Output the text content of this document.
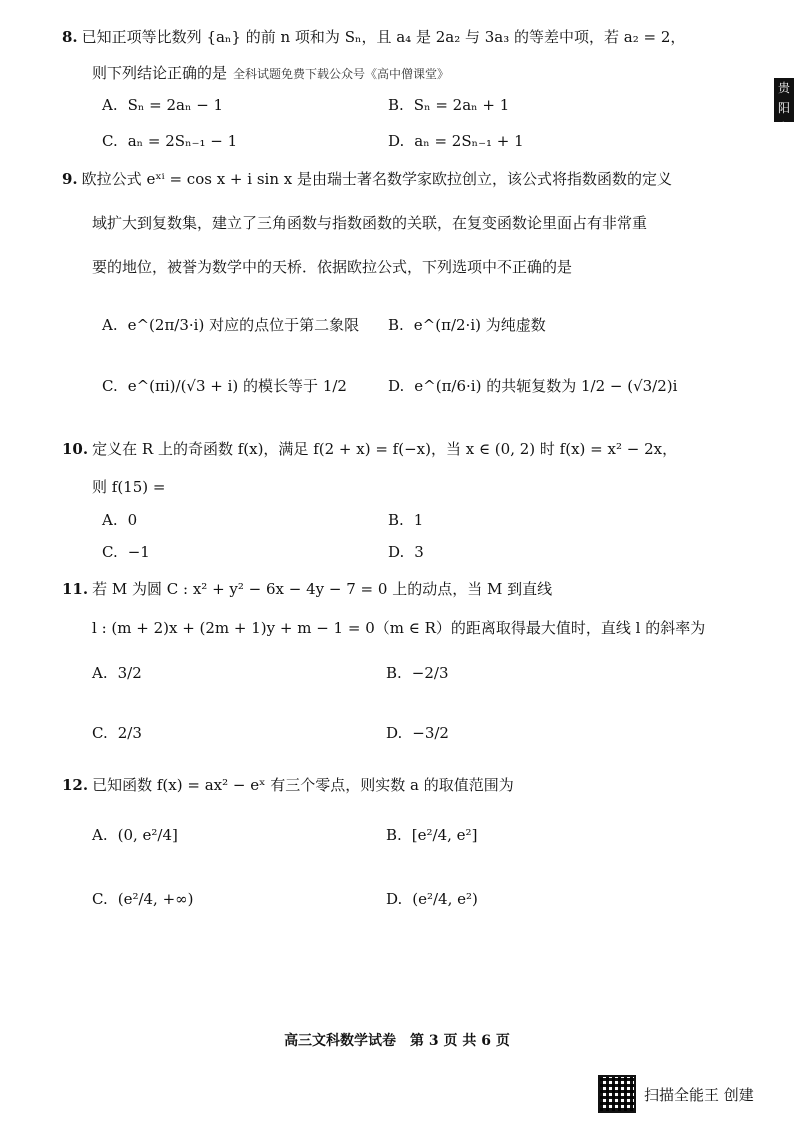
贵阳 高三
8. 已知正项等比数列 {aₙ} 的前 n 项和为 Sₙ，且 a₄ 是 2a₂ 与 3a₃ 的等差中项，若 a₂ = 2，
则下列结论正确的是 全科试题免费下载公众号《高中僧课堂》
A. Sₙ = 2aₙ − 1	B. Sₙ = 2aₙ + 1
C. aₙ = 2Sₙ₋₁ − 1	D. aₙ = 2Sₙ₋₁ + 1
9. 欧拉公式 eˣⁱ = cos x + i sin x 是由瑞士著名数学家欧拉创立，该公式将指数函数的定义
域扩大到复数集，建立了三角函数与指数函数的关联，在复变函数论里面占有非常重
要的地位，被誉为数学中的天桥．依据欧拉公式，下列选项中不正确的是
A. e^(2π/3·i) 对应的点位于第二象限 B. e^(π/2·i) 为纯虚数
C. e^(πi)/(√3 + i) 的模长等于 1/2	D. e^(π/6·i) 的共轭复数为 1/2 − (√3/2)i
10. 定义在 R 上的奇函数 f(x)，满足 f(2 + x) = f(−x)，当 x ∈ (0, 2) 时 f(x) = x² − 2x，
则 f(15) =
A. 0	B. 1
C. −1	D. 3
11. 若 M 为圆 C : x² + y² − 6x − 4y − 7 = 0 上的动点，当 M 到直线
l : (m + 2)x + (2m + 1)y + m − 1 = 0（m ∈ R）的距离取得最大值时，直线 l 的斜率为
A. 3/2	B. −2/3
C. 2/3	D. −3/2
12. 已知函数 f(x) = ax² − eˣ 有三个零点，则实数 a 的取值范围为
A. (0, e²/4]	B. [e²/4, e²]
C. (e²/4, +∞)	D. (e²/4, e²)
高三文科数学试卷　第 3 页 共 6 页
扫描全能王 创建
